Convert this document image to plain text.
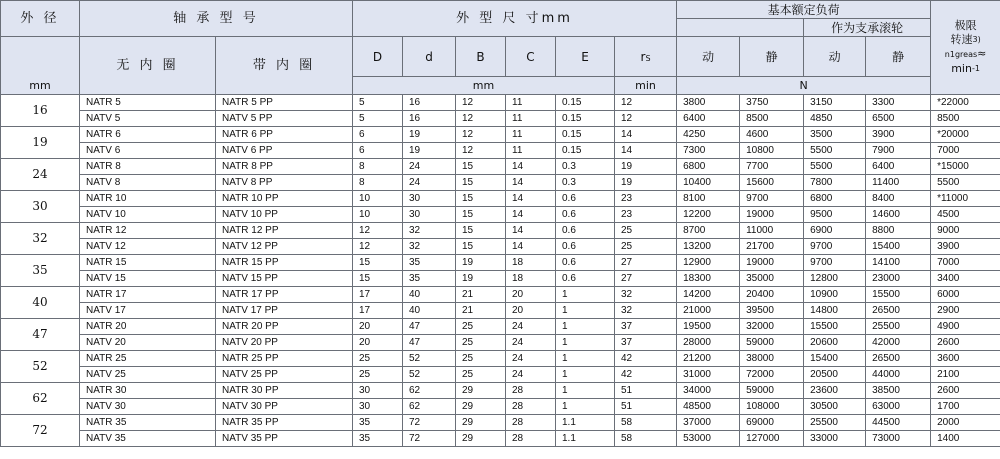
外 径	轴 承 型 号		外 型 尺 寸mm						基本额定负荷				极限
转速$^{3)}$
n1greas≈
$\min^{-1}$

											作为支承滚轮		
	无 内 圈	带 内 圈	D	d	B	C	E	rS	动	静	动	静	

mm			mm					min	N				
16	NATR 5	NATR 5 PP	5	16	12	11	0.15	12	3800	3750	3150	3300	*22000
	NATV 5	NATV 5 PP	5	16	12	11	0.15	12	6400	8500	4850	6500	8500
19	NATR 6	NATR 6 PP	6	19	12	11	0.15	14	4250	4600	3500	3900	*20000
	NATV 6	NATV 6 PP	6	19	12	11	0.15	14	7300	10800	5500	7900	7000
24	NATR 8	NATR 8 PP	8	24	15	14	0.3	19	6800	7700	5500	6400	*15000
	NATV 8	NATV 8 PP	8	24	15	14	0.3	19	10400	15600	7800	11400	5500
30	NATR 10	NATR 10 PP	10	30	15	14	0.6	23	8100	9700	6800	8400	*11000
	NATV 10	NATV 10 PP	10	30	15	14	0.6	23	12200	19000	9500	14600	4500
32	NATR 12	NATR 12 PP	12	32	15	14	0.6	25	8700	11000	6900	8800	9000
	NATV 12	NATV 12 PP	12	32	15	14	0.6	25	13200	21700	9700	15400	3900
35	NATR 15	NATR 15 PP	15	35	19	18	0.6	27	12900	19000	9700	14100	7000
	NATV 15	NATV 15 PP	15	35	19	18	0.6	27	18300	35000	12800	23000	3400
40	NATR 17	NATR 17 PP	17	40	21	20	1	32	14200	20400	10900	15500	6000
	NATV 17	NATV 17 PP	17	40	21	20	1	32	21000	39500	14800	26500	2900
47	NATR 20	NATR 20 PP	20	47	25	24	1	37	19500	32000	15500	25500	4900
	NATV 20	NATV 20 PP	20	47	25	24	1	37	28000	59000	20600	42000	2600
52	NATR 25	NATR 25 PP	25	52	25	24	1	42	21200	38000	15400	26500	3600
	NATV 25	NATV 25 PP	25	52	25	24	1	42	31000	72000	20500	44000	2100
62	NATR 30	NATR 30 PP	30	62	29	28	1	51	34000	59000	23600	38500	2600
	NATV 30	NATV 30 PP	30	62	29	28	1	51	48500	108000	30500	63000	1700
72	NATR 35	NATR 35 PP	35	72	29	28	1.1	58	37000	69000	25500	44500	2000
	NATV 35	NATV 35 PP	35	72	29	28	1.1	58	53000	127000	33000	73000	1400
